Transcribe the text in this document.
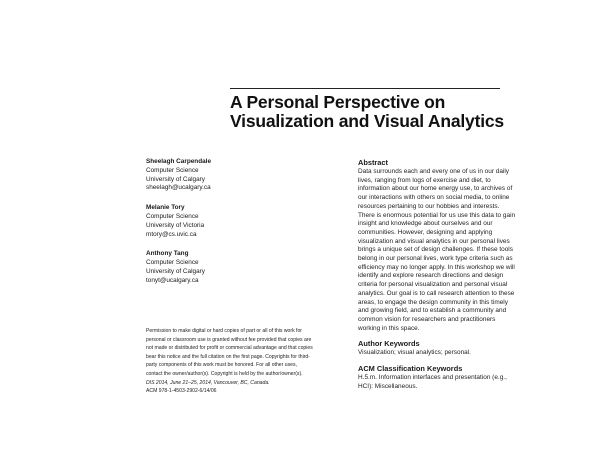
A Personal Perspective on
Visualization and Visual Analytics
Sheelagh Carpendale
Computer Science
University of Calgary
sheelagh@ucalgary.ca
Melanie Tory
Computer Science
University of Victoria
mtory@cs.uvic.ca
Anthony Tang
Computer Science
University of Calgary
tonyt@ucalgary.ca
Permission to make digital or hard copies of part or all of this work for
personal or classroom use is granted without fee provided that copies are
not made or distributed for profit or commercial advantage and that copies
bear this notice and the full citation on the first page. Copyrights for third-
party components of this work must be honored. For all other uses,
contact the owner/author(s). Copyright is held by the author/owner(s).
DIS 2014, June 21–25, 2014, Vancouver, BC, Canada.
ACM 978-1-4503-2902-6/14/06
Abstract
Data surrounds each and every one of us in our daily
lives, ranging from logs of exercise and diet, to
information about our home energy use, to archives of
our interactions with others on social media, to online
resources pertaining to our hobbies and interests.
There is enormous potential for us use this data to gain
insight and knowledge about ourselves and our
communities. However, designing and applying
visualization and visual analytics in our personal lives
brings a unique set of design challenges. If these tools
belong in our personal lives, work type criteria such as
efficiency may no longer apply. In this workshop we will
identify and explore research directions and design
criteria for personal visualization and personal visual
analytics. Our goal is to call research attention to these
areas, to engage the design community in this timely
and growing field, and to establish a community and
common vision for researchers and practitioners
working in this space.
Author Keywords
Visualization; visual analytics; personal.
ACM Classification Keywords
H.5.m. Information interfaces and presentation (e.g.,
HCI): Miscellaneous.
